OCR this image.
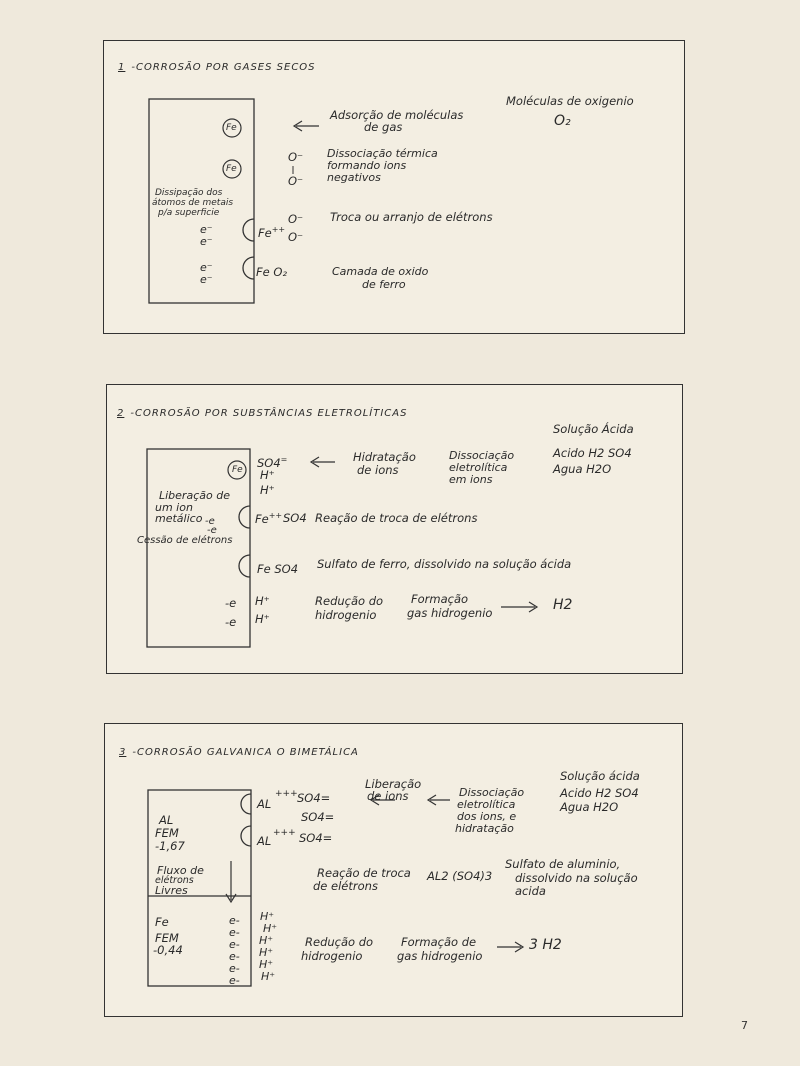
1 -CORROSÃO POR GASES SECOS
Fe
Fe
Adsorção de moléculas
de gas
Moléculas de oxigenio
O₂
O⁻
O⁻
Dissociação térmica
formando ions
negativos
Dissipação dos
átomos de metais
p/a superficie
e⁻
e⁻
e⁻
e⁻
Fe++
O⁻
O⁻
Troca ou arranjo de elétrons
Fe O₂	Camada de oxido
de ferro
2 -CORROSÃO POR SUBSTÂNCIAS ELETROLÍTICAS
Solução Ácida
Acido H2 SO4
Agua H2O
Fe
SO4=
H⁺
H⁺
Hidratação
de ions
Dissociação
eletrolítica
em ions
Liberação de
um ion
metálico -e
-e
Cessão de elétrons
Fe++ SO4 Reação de troca de elétrons
Fe SO4 Sulfato de ferro, dissolvido na solução ácida
-e
-e
H⁺
H⁺
Redução do
hidrogenio
Formação
gas hidrogenio	H2
3 -CORROSÃO GALVANICA O BIMETÁLICA
Solução ácida
Acido H2 SO4
Agua H2O
AL
+++ SO4=
SO4=
AL
+++ SO4=
Liberação
de ions	Dissociação
eletrolítica
dos ions, e
hidratação
AL
FEM
-1,67
Fluxo de
elétrons
Livres
Reação de troca
de elétrons
AL2 (SO4)3
Sulfato de aluminio,
dissolvido na solução
acida
Fe
FEM
-0,44
e-
e-
e-
e-
e-
e-
H⁺
H⁺
H⁺
H⁺
H⁺
H⁺
Redução do
hidrogenio
Formação de
gas hidrogenio
3 H2
7
